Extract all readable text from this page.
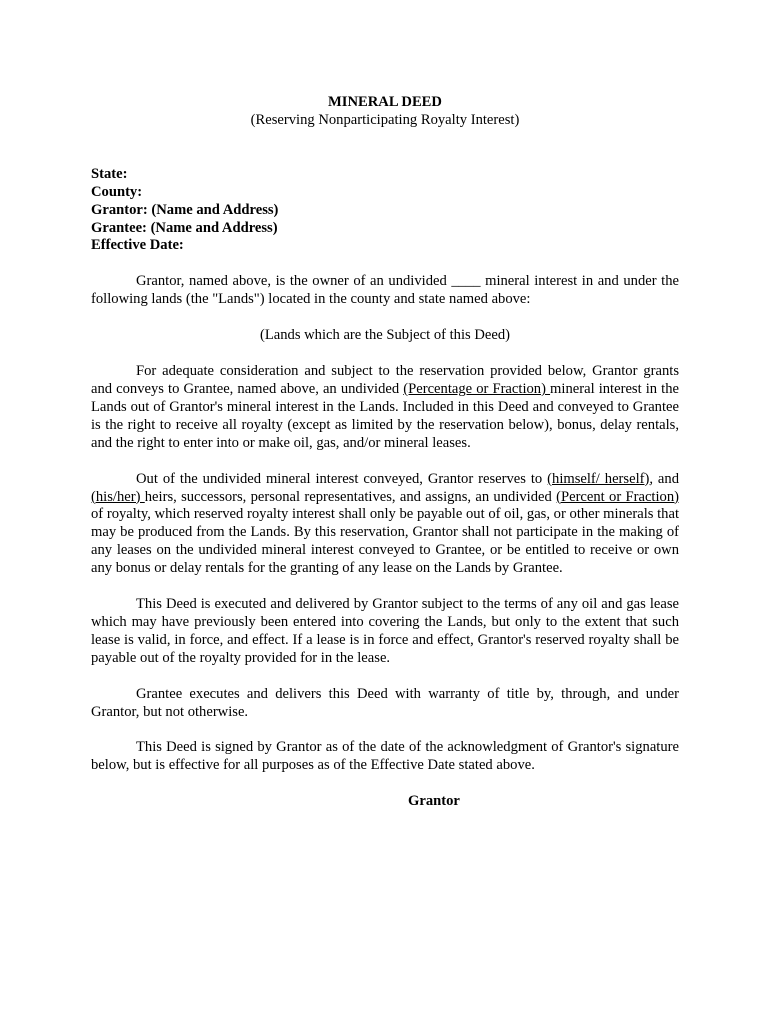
MINERAL DEED
(Reserving Nonparticipating Royalty Interest)
State:
County:
Grantor: (Name and Address)
Grantee: (Name and Address)
Effective Date:

Grantor, named above, is the owner of an undivided ____ mineral interest in and under the following lands (the "Lands") located in the county and state named above:

(Lands which are the Subject of this Deed)

For adequate consideration and subject to the reservation provided below, Grantor grants and conveys to Grantee, named above, an undivided (Percentage or Fraction) mineral interest in the Lands out of Grantor's mineral interest in the Lands. Included in this Deed and conveyed to Grantee is the right to receive all royalty (except as limited by the reservation below), bonus, delay rentals, and the right to enter into or make oil, gas, and/or mineral leases.

Out of the undivided mineral interest conveyed, Grantor reserves to (himself/ herself), and (his/her) heirs, successors, personal representatives, and assigns, an undivided (Percent or Fraction) of royalty, which reserved royalty interest shall only be payable out of oil, gas, or other minerals that may be produced from the Lands. By this reservation, Grantor shall not participate in the making of any leases on the undivided mineral interest conveyed to Grantee, or be entitled to receive or own any bonus or delay rentals for the granting of any lease on the Lands by Grantee.

This Deed is executed and delivered by Grantor subject to the terms of any oil and gas lease which may have previously been entered into covering the Lands, but only to the extent that such lease is valid, in force, and effect. If a lease is in force and effect, Grantor's reserved royalty shall be payable out of the royalty provided for in the lease.

Grantee executes and delivers this Deed with warranty of title by, through, and under Grantor, but not otherwise.

This Deed is signed by Grantor as of the date of the acknowledgment of Grantor's signature below, but is effective for all purposes as of the Effective Date stated above.

Grantor
